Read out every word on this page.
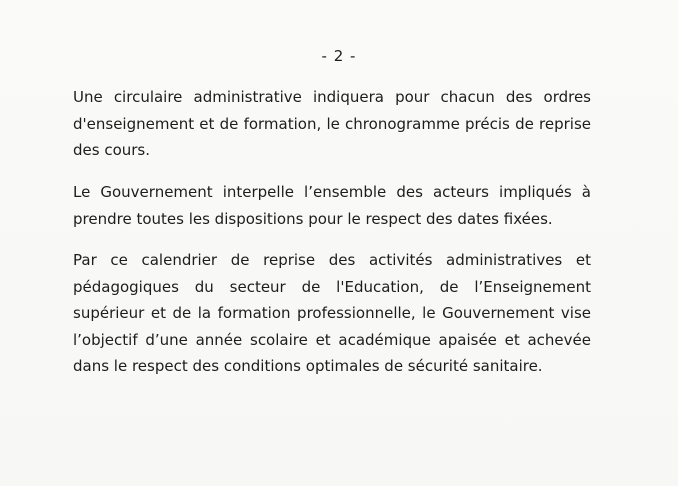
- 2 -

Une circulaire administrative indiquera pour chacun des ordres d'enseignement et de formation, le chronogramme précis de reprise des cours.

Le Gouvernement interpelle l’ensemble des acteurs impliqués à prendre toutes les dispositions pour le respect des dates fixées.

Par ce calendrier de reprise des activités administratives et pédagogiques du secteur de l'Education, de l’Enseignement supérieur et de la formation professionnelle, le Gouvernement vise l’objectif d’une année scolaire et académique apaisée et achevée dans le respect des conditions optimales de sécurité sanitaire.
